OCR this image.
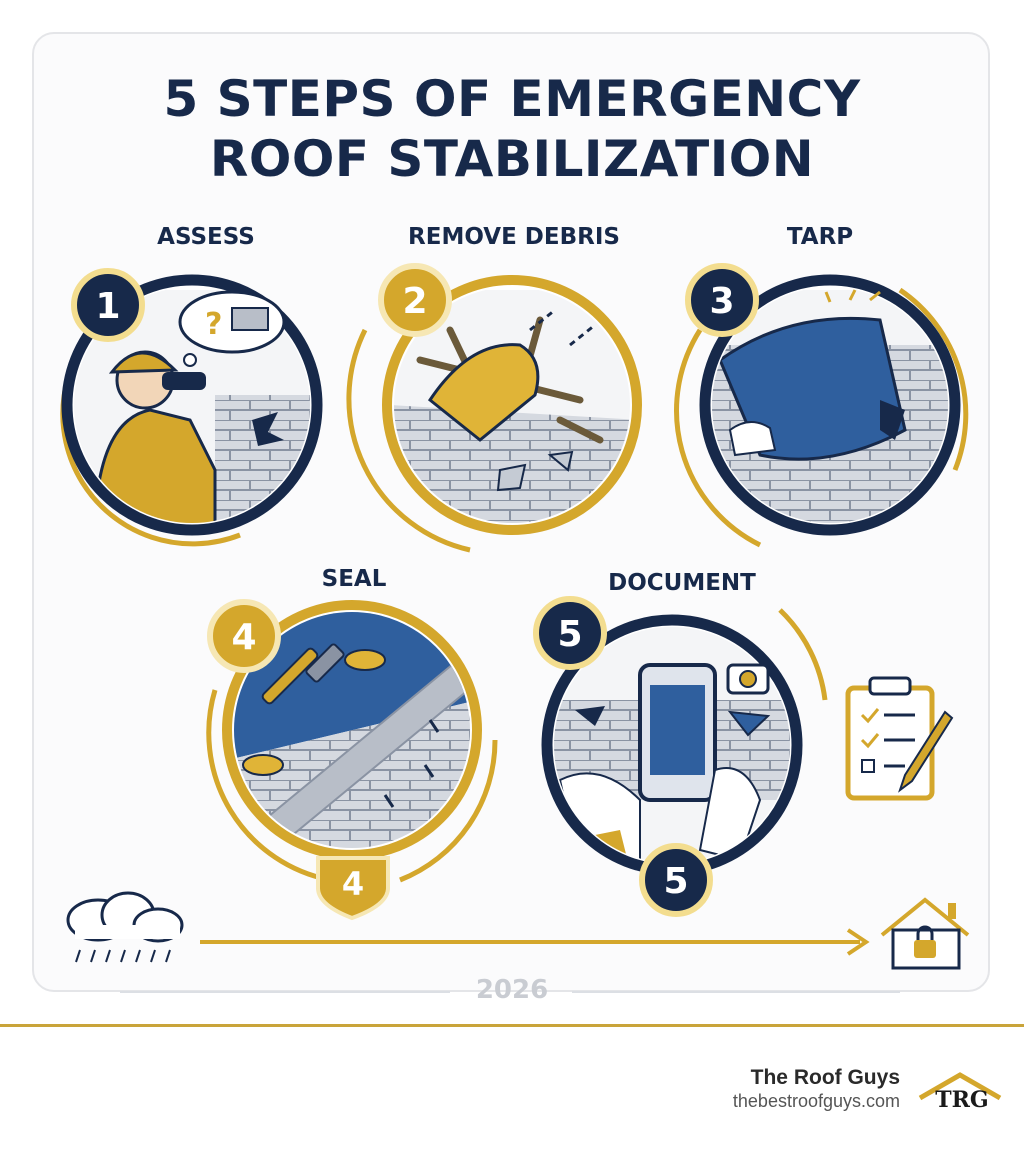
5 STEPS OF EMERGENCY
ROOF STABILIZATION
ASSESS	REMOVE DEBRIS	TARP
SEAL	DOCUMENT
?
1	2	3
4
4
5
5
TRG
2026
The Roof Guys
thebestroofguys.com
